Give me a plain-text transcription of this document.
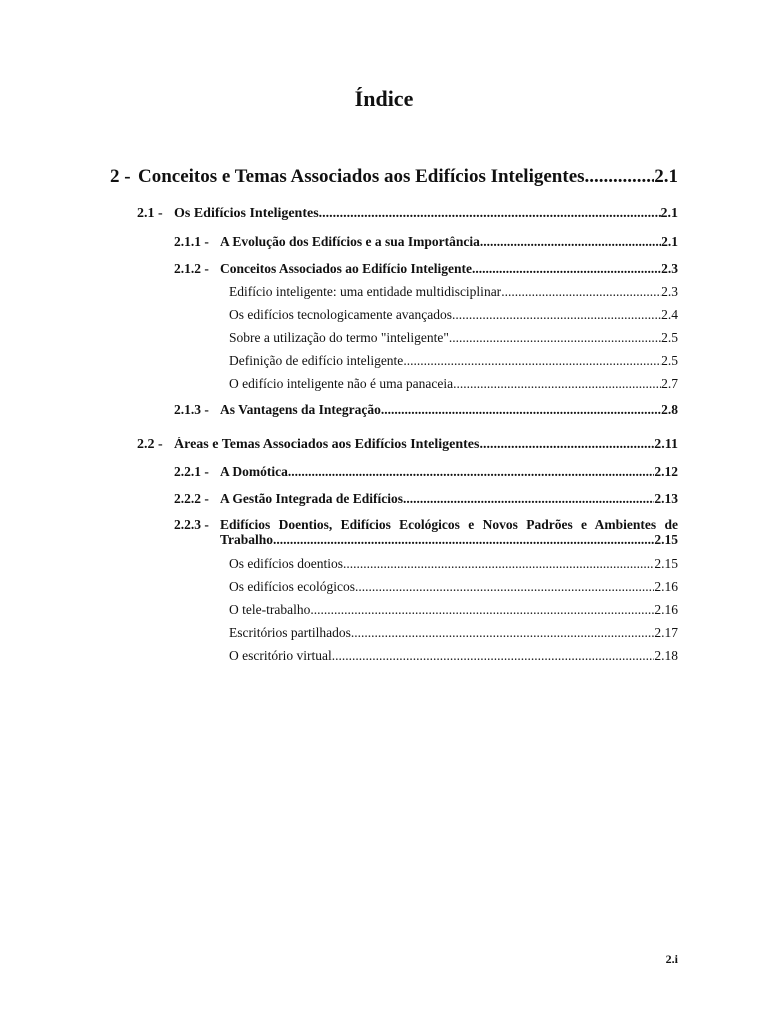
Índice
2 - Conceitos e Temas Associados aos Edifícios Inteligentes .....	2.1
2.1 - Os Edifícios Inteligentes .....	2.1
2.1.1 - A Evolução dos Edifícios e a sua Importância .....	2.1
2.1.2 - Conceitos Associados ao Edifício Inteligente .....	2.3
Edifício inteligente: uma entidade multidisciplinar .....	2.3
Os edifícios tecnologicamente avançados .....	2.4
Sobre a utilização do termo "inteligente" .....	2.5
Definição de edifício inteligente .....	2.5
O edifício inteligente não é uma panaceia .....	2.7
2.1.3 - As Vantagens da Integração .....	2.8
2.2 - Áreas e Temas Associados aos Edifícios Inteligentes .....	2.11
2.2.1 - A Domótica .....	2.12
2.2.2 - A Gestão Integrada de Edifícios .....	2.13
2.2.3 - Edifícios Doentios, Edifícios Ecológicos e Novos Padrões e Ambientes de
Trabalho .....	2.15
Os edifícios doentios .....	2.15
Os edifícios ecológicos .....	2.16
O tele-trabalho .....	2.16
Escritórios partilhados .....	2.17
O escritório virtual .....	2.18
2.i
